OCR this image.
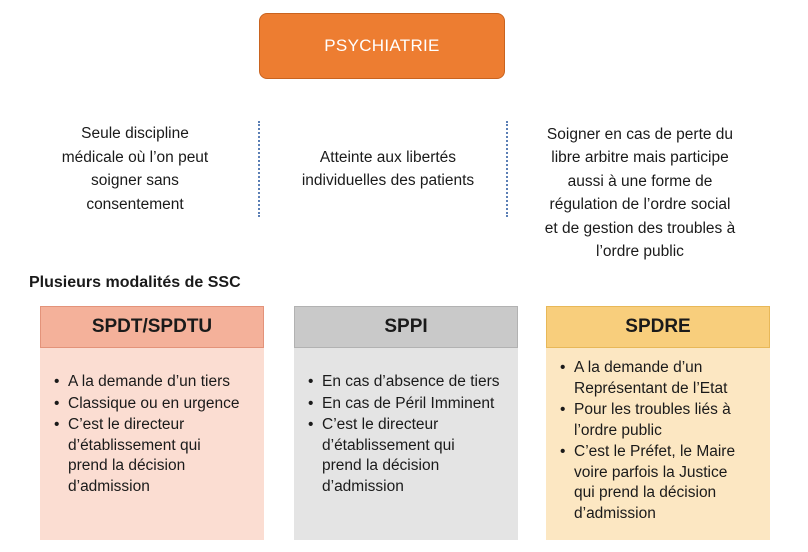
PSYCHIATRIE
Seule discipline
médicale où l’on peut
soigner sans
consentement
Atteinte aux libertés
individuelles des patients
Soigner en cas de perte du
libre arbitre mais participe
aussi à une forme de
régulation de l’ordre social
et de gestion des troubles à
l’ordre public
Plusieurs modalités de SSC
SPDT/SPDTU
• A la demande d’un tiers
• Classique ou en urgence
• C’est le directeur
d’établissement qui
prend la décision
d’admission
SPPI
• En cas d’absence de tiers
• En cas de Péril Imminent
• C’est le directeur
d’établissement qui
prend la décision
d’admission
SPDRE
• A la demande d’un
Représentant de l’Etat
• Pour les troubles liés à
l’ordre public
• C’est le Préfet, le Maire
voire parfois la Justice
qui prend la décision
d’admission
